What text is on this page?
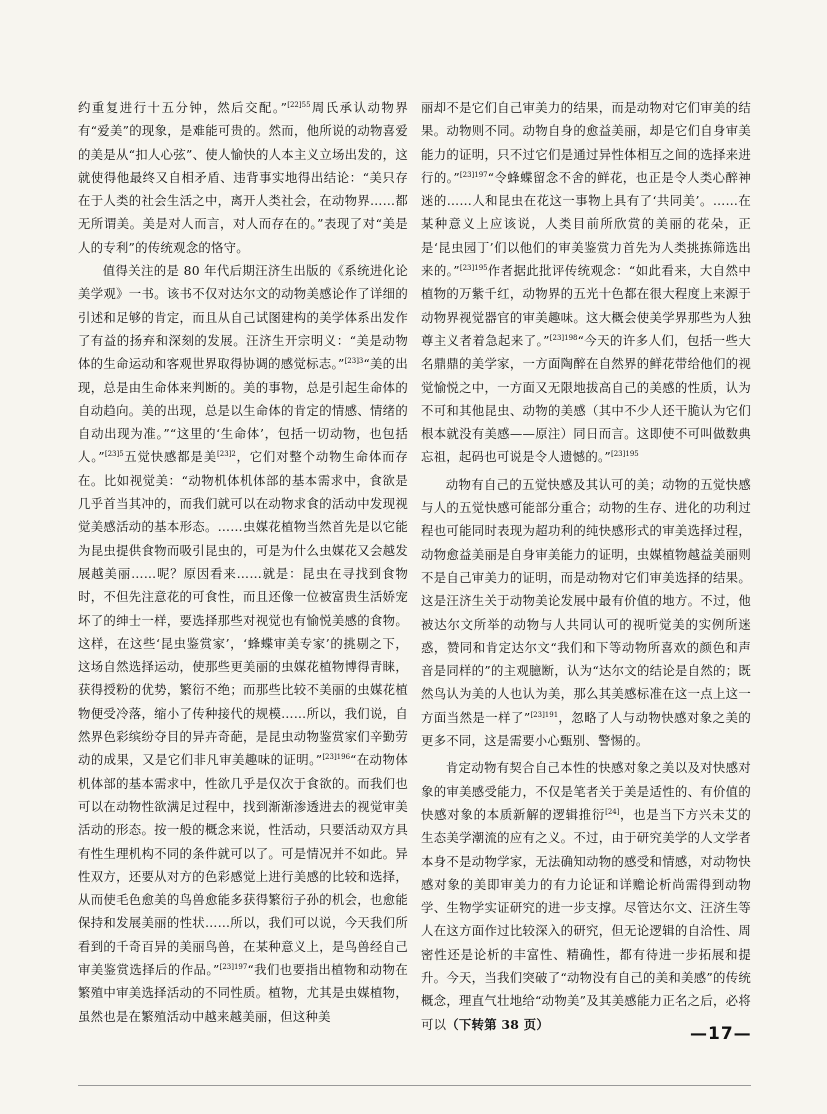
约重复进行十五分钟，然后交配。”$^{[22]55}$周氏承认动物界有“爱美”的现象，是难能可贵的。然而，他所说的动物喜爱的美是从“扣人心弦”、使人愉快的人本主义立场出发的，这就使得他最终又自相矛盾、违背事实地得出结论：“美只存在于人类的社会生活之中，离开人类社会，在动物界……都无所谓美。美是对人而言，对人而存在的。”表现了对“美是人的专利”的传统观念的恪守。

值得关注的是 80 年代后期汪济生出版的《系统进化论美学观》一书。该书不仅对达尔文的动物美感论作了详细的引述和足够的肯定，而且从自己试图建构的美学体系出发作了有益的扬弃和深刻的发展。汪济生开宗明义：“美是动物体的生命运动和客观世界取得协调的感觉标志。”$^{[23]3}$“美的出现，总是由生命体来判断的。美的事物，总是引起生命体的自动趋向。美的出现，总是以生命体的肯定的情感、情绪的自动出现为准。”“这里的‘生命体’，包括一切动物，也包括人。”$^{[23]5}$五觉快感都是美$^{[23]2}$，它们对整个动物生命体而存在。比如视觉美：“动物机体机体部的基本需求中，食欲是几乎首当其冲的，而我们就可以在动物求食的活动中发现视觉美感活动的基本形态。……虫媒花植物当然首先是以它能为昆虫提供食物而吸引昆虫的，可是为什么虫媒花又会越发展越美丽……呢？原因看来……就是：昆虫在寻找到食物时，不但先注意花的可食性，而且还像一位被富贵生活娇宠坏了的绅士一样，要选择那些对视觉也有愉悦美感的食物。这样，在这些‘昆虫鉴赏家’，‘蜂蝶审美专家’的挑剔之下，这场自然选择运动，使那些更美丽的虫媒花植物博得青睐，获得授粉的优势，繁衍不绝；而那些比较不美丽的虫媒花植物便受冷落，缩小了传种接代的规模……所以，我们说，自然界色彩缤纷夺目的异卉奇葩，是昆虫动物鉴赏家们辛勤劳动的成果，又是它们非凡审美趣味的证明。”$^{[23]196}$“在动物体机体部的基本需求中，性欲几乎是仅次于食欲的。而我们也可以在动物性欲满足过程中，找到渐渐渗透进去的视觉审美活动的形态。按一般的概念来说，性活动，只要活动双方具有性生理机构不同的条件就可以了。可是情况并不如此。异性双方，还要从对方的色彩感觉上进行美感的比较和选择，从而使毛色愈美的鸟兽愈能多获得繁衍子孙的机会，也愈能保持和发展美丽的性状……所以，我们可以说，今天我们所看到的千奇百异的美丽鸟兽，在某种意义上，是鸟兽经自己审美鉴赏选择后的作品。”$^{[23]197}$“我们也要指出植物和动物在繁殖中审美选择活动的不同性质。植物，尤其是虫媒植物，虽然也是在繁殖活动中越来越美丽，但这种美

丽却不是它们自己审美力的结果，而是动物对它们审美的结果。动物则不同。动物自身的愈益美丽，却是它们自身审美能力的证明，只不过它们是通过异性体相互之间的选择来进行的。”$^{[23]197}$“令蜂蝶留念不舍的鲜花，也正是令人类心醉神迷的……人和昆虫在花这一事物上具有了‘共同美’。……在某种意义上应该说，人类目前所欣赏的美丽的花朵，正是‘昆虫园丁’们以他们的审美鉴赏力首先为人类挑拣筛选出来的。”$^{[23]195}$作者据此批评传统观念：“如此看来，大自然中植物的万紫千红，动物界的五光十色都在很大程度上来源于动物界视觉器官的审美趣味。这大概会使美学界那些为人独尊主义者着急起来了。”$^{[23]198}$“今天的许多人们，包括一些大名鼎鼎的美学家，一方面陶醉在自然界的鲜花带给他们的视觉愉悦之中，一方面又无限地拔高自己的美感的性质，认为不可和其他昆虫、动物的美感（其中不少人还干脆认为它们根本就没有美感——原注）同日而言。这即使不可叫做数典忘祖，起码也可说是令人遗憾的。”$^{[23]195}$

动物有自己的五觉快感及其认可的美；动物的五觉快感与人的五觉快感可能部分重合；动物的生存、进化的功利过程也可能同时表现为超功利的纯快感形式的审美选择过程，动物愈益美丽是自身审美能力的证明，虫媒植物越益美丽则不是自己审美力的证明，而是动物对它们审美选择的结果。这是汪济生关于动物美论发展中最有价值的地方。不过，他被达尔文所举的动物与人共同认可的视听觉美的实例所迷惑，赞同和肯定达尔文“我们和下等动物所喜欢的颜色和声音是同样的”的主观臆断，认为“达尔文的结论是自然的；既然鸟认为美的人也认为美，那么其美感标准在这一点上这一方面当然是一样了”$^{[23]191}$，忽略了人与动物快感对象之美的更多不同，这是需要小心甄别、警惕的。

肯定动物有契合自己本性的快感对象之美以及对快感对象的审美感受能力，不仅是笔者关于美是适性的、有价值的快感对象的本质新解的逻辑推衍[24]，也是当下方兴未艾的生态美学潮流的应有之义。不过，由于研究美学的人文学者本身不是动物学家，无法确知动物的感受和情感，对动物快感对象的美即审美力的有力论证和详赡论析尚需得到动物学、生物学实证研究的进一步支撑。尽管达尔文、汪济生等人在这方面作过比较深入的研究，但无论逻辑的自洽性、周密性还是论析的丰富性、精确性，都有待进一步拓展和提升。今天，当我们突破了“动物没有自己的美和美感”的传统概念，理直气壮地给“动物美”及其美感能力正名之后，必将可以（下转第 38 页）	—17—
